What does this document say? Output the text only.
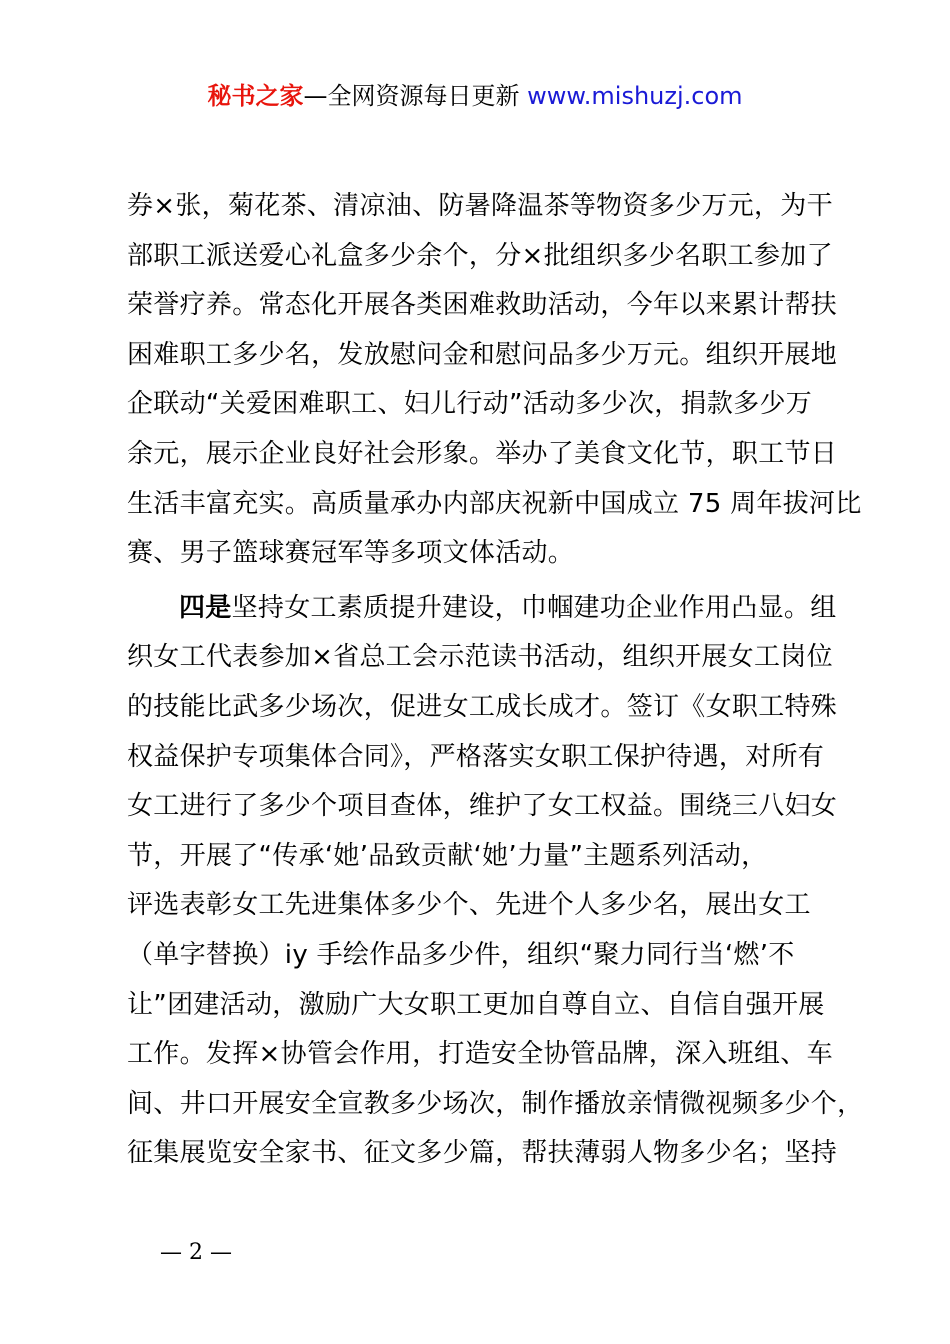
秘书之家—全网资源每日更新 www.mishuzj.com
券×张，菊花茶、清凉油、防暑降温茶等物资多少万元，为干
部职工派送爱心礼盒多少余个，分×批组织多少名职工参加了
荣誉疗养。常态化开展各类困难救助活动，今年以来累计帮扶
困难职工多少名，发放慰问金和慰问品多少万元。组织开展地
企联动“关爱困难职工、妇儿行动”活动多少次，捐款多少万
余元，展示企业良好社会形象。举办了美食文化节，职工节日
生活丰富充实。高质量承办内部庆祝新中国成立 75 周年拔河比
赛、男子篮球赛冠军等多项文体活动。
四是坚持女工素质提升建设，巾帼建功企业作用凸显。组
织女工代表参加×省总工会示范读书活动，组织开展女工岗位
的技能比武多少场次，促进女工成长成才。签订《女职工特殊
权益保护专项集体合同》，严格落实女职工保护待遇，对所有
女工进行了多少个项目查体，维护了女工权益。围绕三八妇女
节，开展了“传承‘她’品致贡献‘她’力量”主题系列活动，
评选表彰女工先进集体多少个、先进个人多少名，展出女工
（单字替换）iy 手绘作品多少件，组织“聚力同行当‘燃’不
让”团建活动，激励广大女职工更加自尊自立、自信自强开展
工作。发挥×协管会作用，打造安全协管品牌，深入班组、车
间、井口开展安全宣教多少场次，制作播放亲情微视频多少个，
征集展览安全家书、征文多少篇，帮扶薄弱人物多少名；坚持
— 2 —
